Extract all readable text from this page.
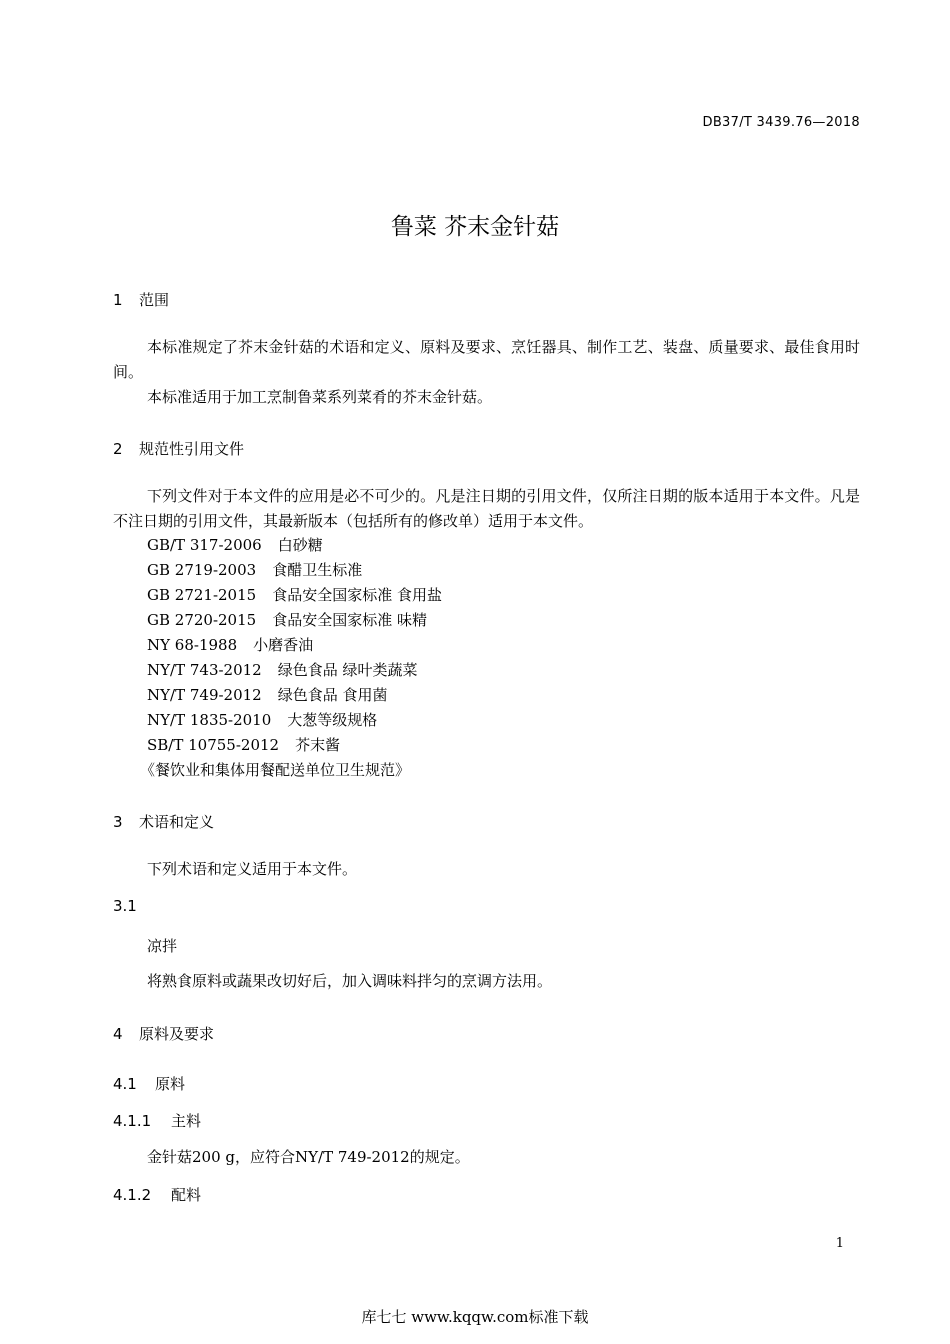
DB37/T 3439.76—2018
鲁菜 芥末金针菇
1 范围
本标准规定了芥末金针菇的术语和定义、原料及要求、烹饪器具、制作工艺、装盘、质量要求、最佳食用时间。
本标准适用于加工烹制鲁菜系列菜肴的芥末金针菇。
2 规范性引用文件
下列文件对于本文件的应用是必不可少的。凡是注日期的引用文件，仅所注日期的版本适用于本文件。凡是不注日期的引用文件，其最新版本（包括所有的修改单）适用于本文件。
GB/T 317-2006 白砂糖
GB 2719-2003 食醋卫生标准
GB 2721-2015 食品安全国家标准 食用盐
GB 2720-2015 食品安全国家标准 味精
NY 68-1988 小磨香油
NY/T 743-2012 绿色食品 绿叶类蔬菜
NY/T 749-2012 绿色食品 食用菌
NY/T 1835-2010 大葱等级规格
SB/T 10755-2012 芥末酱
《餐饮业和集体用餐配送单位卫生规范》
3 术语和定义
下列术语和定义适用于本文件。
3.1
凉拌
将熟食原料或蔬果改切好后，加入调味料拌匀的烹调方法用。
4 原料及要求
4.1 原料
4.1.1 主料
金针菇200 g，应符合NY/T 749-2012的规定。
4.1.2 配料
1
库七七 www.kqqw.com标准下载
